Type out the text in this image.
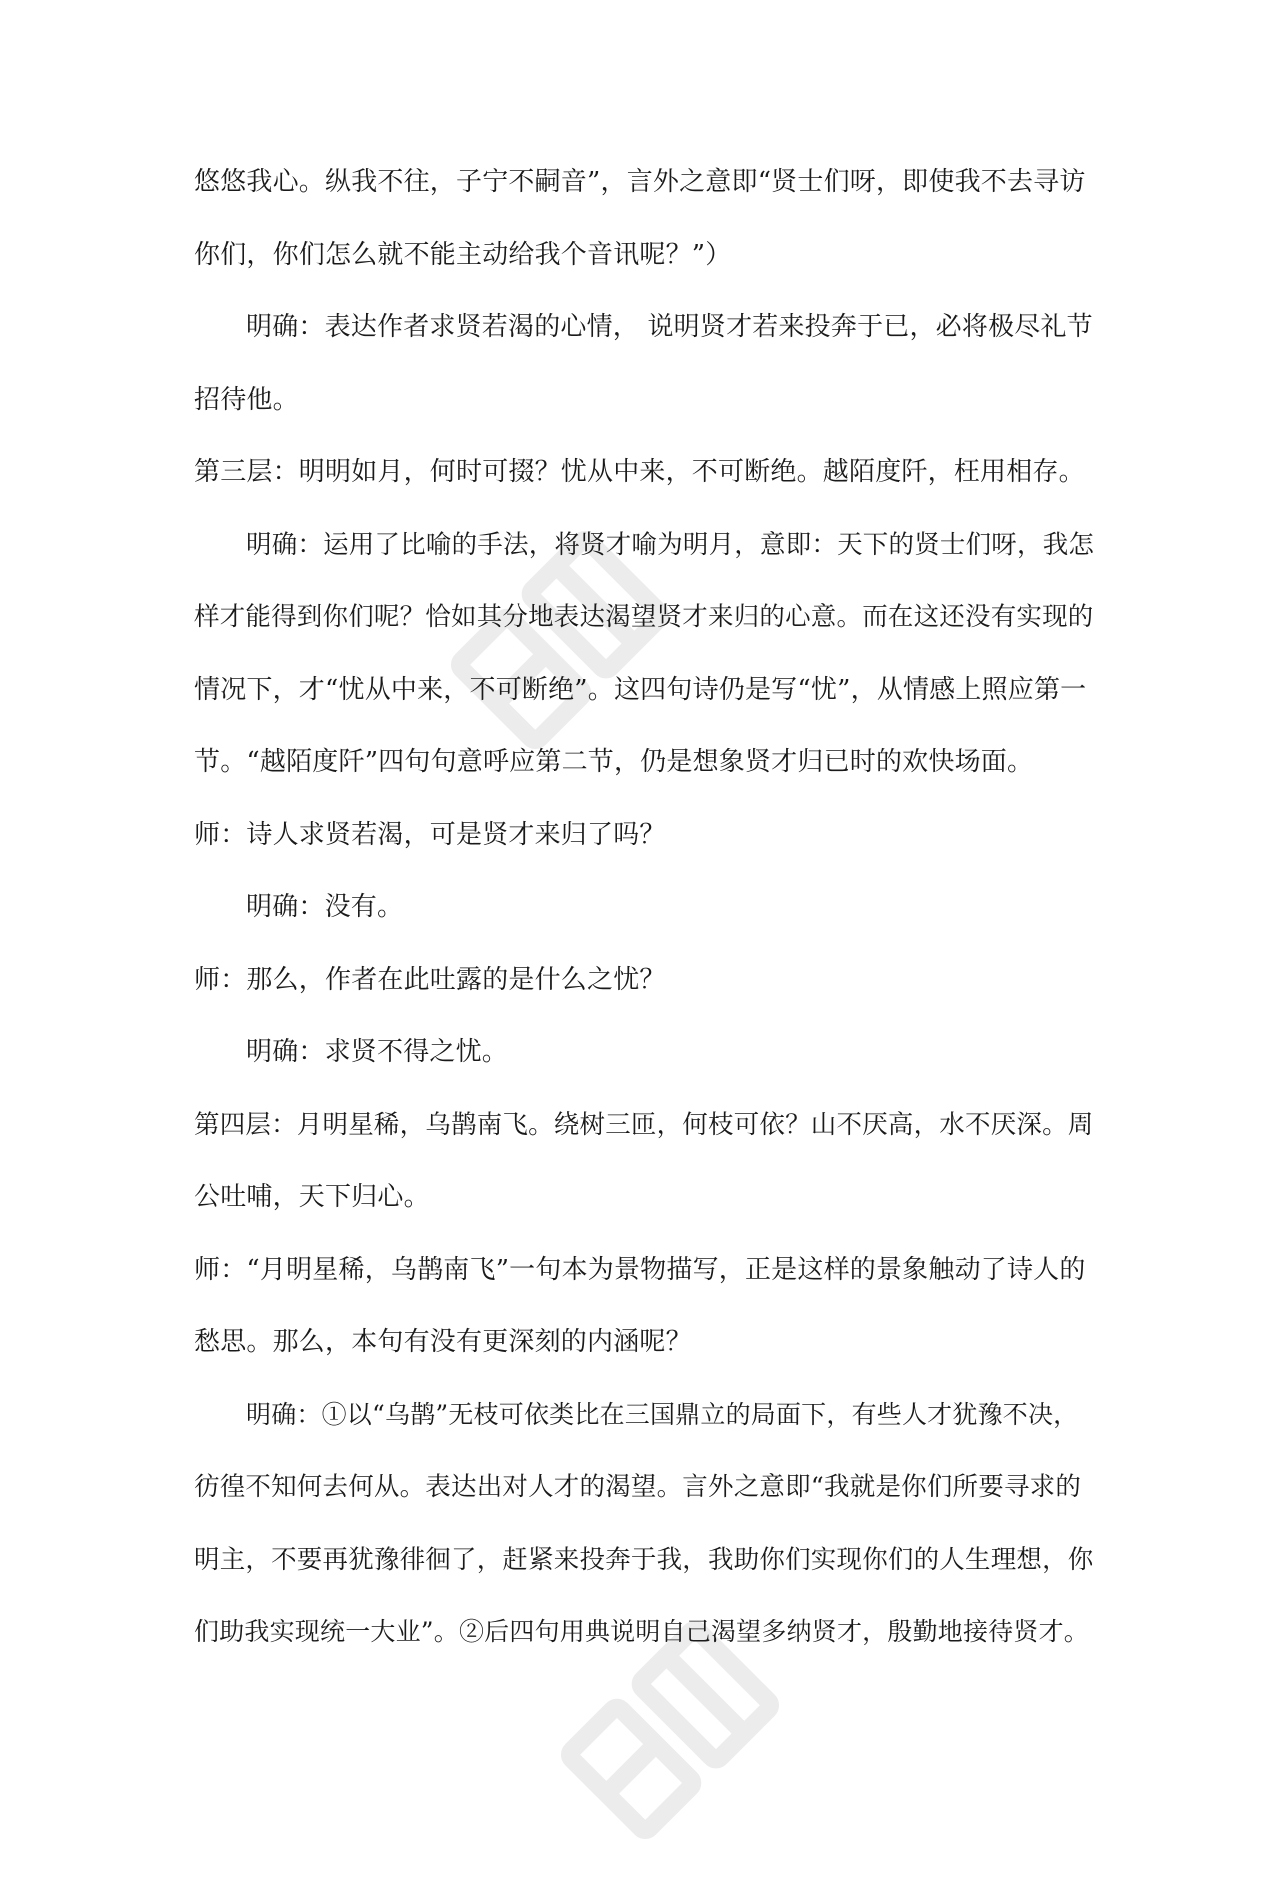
悠悠我心。纵我不往，子宁不嗣音”，言外之意即“贤士们呀，即使我不去寻访
你们，你们怎么就不能主动给我个音讯呢？”）
明确：表达作者求贤若渴的心情， 说明贤才若来投奔于已，必将极尽礼节
招待他。
第三层：明明如月，何时可掇？忧从中来，不可断绝。越陌度阡，枉用相存。
明确：运用了比喻的手法，将贤才喻为明月，意即：天下的贤士们呀，我怎
样才能得到你们呢？恰如其分地表达渴望贤才来归的心意。而在这还没有实现的
情况下，才“忧从中来，不可断绝”。这四句诗仍是写“忧”，从情感上照应第一
节。“越陌度阡”四句句意呼应第二节，仍是想象贤才归已时的欢快场面。
师：诗人求贤若渴，可是贤才来归了吗？
明确：没有。
师：那么，作者在此吐露的是什么之忧？
明确：求贤不得之忧。
第四层：月明星稀，乌鹊南飞。绕树三匝，何枝可依？山不厌高，水不厌深。周
公吐哺，天下归心。
师：“月明星稀，乌鹊南飞”一句本为景物描写，正是这样的景象触动了诗人的
愁思。那么，本句有没有更深刻的内涵呢？
明确：①以“乌鹊”无枝可依类比在三国鼎立的局面下，有些人才犹豫不决，
彷徨不知何去何从。表达出对人才的渴望。言外之意即“我就是你们所要寻求的
明主，不要再犹豫徘徊了，赶紧来投奔于我，我助你们实现你们的人生理想，你
们助我实现统一大业”。②后四句用典说明自己渴望多纳贤才，殷勤地接待贤才。
